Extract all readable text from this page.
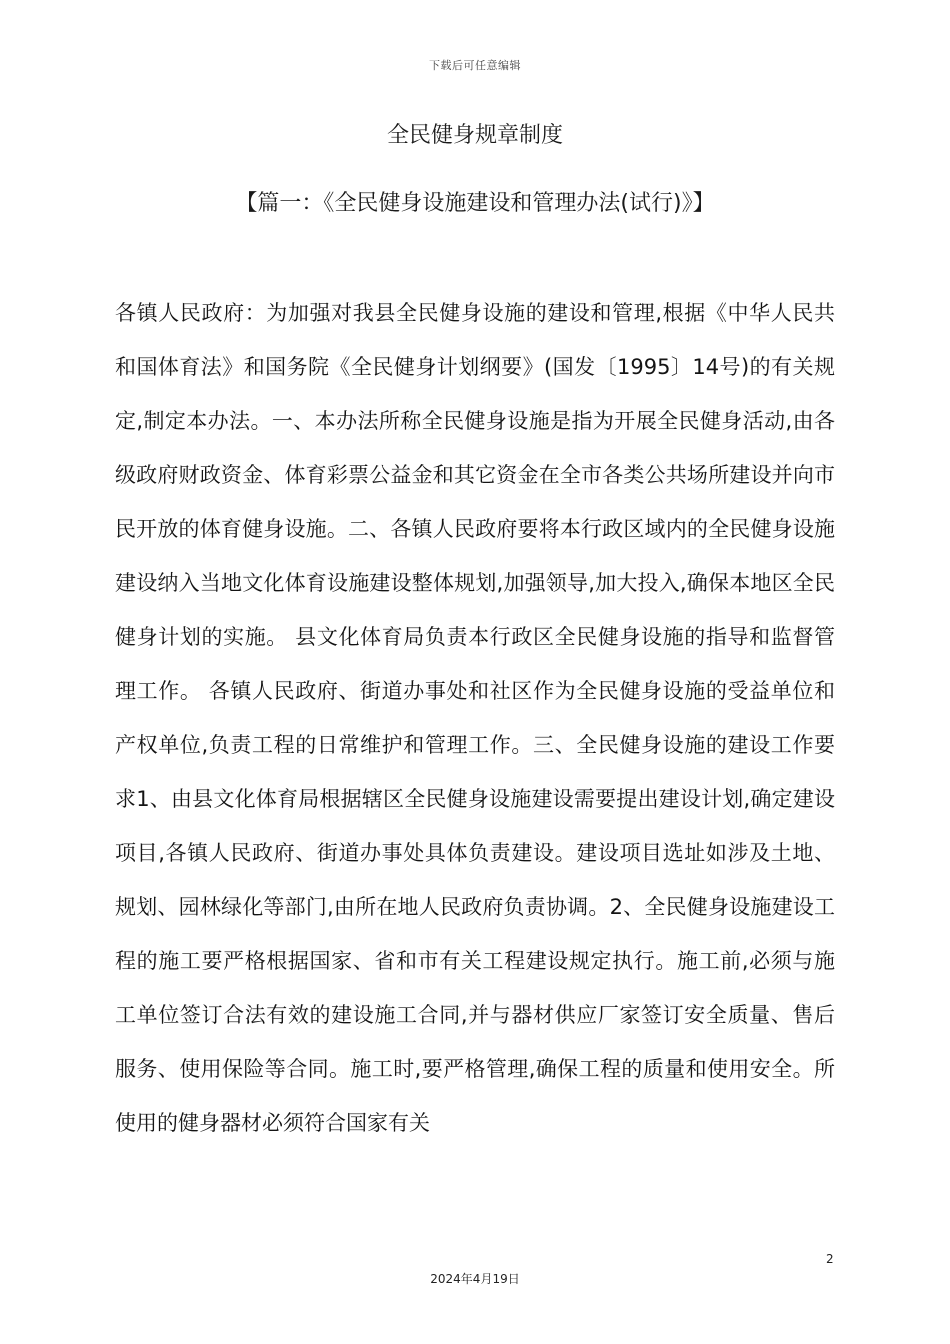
下载后可任意编辑
全民健身规章制度
【篇一：《全民健身设施建设和管理办法(试行)》】
各镇人民政府：为加强对我县全民健身设施的建设和管理,根据《中华人民共和国体育法》和国务院《全民健身计划纲要》(国发〔1995〕14号)的有关规定,制定本办法。一、本办法所称全民健身设施是指为开展全民健身活动,由各级政府财政资金、体育彩票公益金和其它资金在全市各类公共场所建设并向市民开放的体育健身设施。二、各镇人民政府要将本行政区域内的全民健身设施建设纳入当地文化体育设施建设整体规划,加强领导,加大投入,确保本地区全民健身计划的实施。 县文化体育局负责本行政区全民健身设施的指导和监督管理工作。 各镇人民政府、街道办事处和社区作为全民健身设施的受益单位和产权单位,负责工程的日常维护和管理工作。三、全民健身设施的建设工作要求1、由县文化体育局根据辖区全民健身设施建设需要提出建设计划,确定建设项目,各镇人民政府、街道办事处具体负责建设。建设项目选址如涉及土地、规划、园林绿化等部门,由所在地人民政府负责协调。2、全民健身设施建设工程的施工要严格根据国家、省和市有关工程建设规定执行。施工前,必须与施工单位签订合法有效的建设施工合同,并与器材供应厂家签订安全质量、售后服务、使用保险等合同。施工时,要严格管理,确保工程的质量和使用安全。所使用的健身器材必须符合国家有关
2
2024年4月19日
